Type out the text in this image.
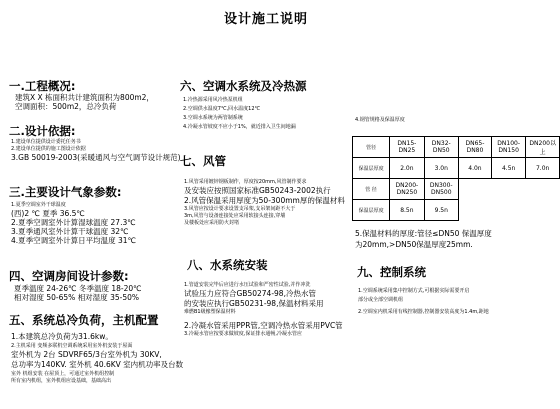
设计施工说明
一.工程概况:
建筑X X 栋面积共计建筑面积为800m2，
空调面积：500m2，总冷负荷
二.设计依据:
1.建设单位提供设计委托任务书
2.建设单位提供的施工图设计依据
3.GB 50019-2003(采暖通风与空气调节设计规范)
三.主要设计气象参数:
1.夏季空调室外干球温度
(西)2 ℃ 夏季 36.5℃
2.夏季空调室外计算湿球温度 27.3℃
3.夏季通风室外计算干球温度 32℃
4.夏季空调室外计算日平均温度 31℃
四、空调房间设计参数:
夏季温度 24-26℃ 冬季温度 18-20℃
相对湿度 50-65% 相对湿度 35-50%
五、系统总冷负荷，主机配置
1.本建筑总冷负荷为31.6kw。
2.主机采用 变频多联机空调系统采用室外机安装于屋面
室外机为 2台 SDVRF65/3台室外机为 30KV,
总功率为140KV. 室外机 40.6KV 室内机功率及台数
室外 机组安装 在屋顶上，可通过室外机组控制
所有室内机组，室外机组应设基础，基础高出
六、空调水系统及冷热源
1.冷热源采用风冷热泵机组
2.空调供水温度7℃,回水温度12℃
3.空调水系统为两管制系统
4.冷凝水管坡度不应小于1%，就近排入卫生间地漏
七、风管
1.风管采用镀锌钢板制作，厚度按20mm,风管制作要求
及安装应按照国家标准GB50243-2002执行
2.风管保温采用厚度为50-300mm厚的保温材料
3.风管应按设计要求设置支吊架,支吊架间距不大于
3m,风管与设备连接处应采用软接头连接,穿墙
及楼板处应采用防火封堵
八、水系统安装
1.管道安装完毕后应进行水压试验和严密性试验,并作冲洗
试验压力应符合GB50274-98,冷热水管
的安装应执行GB50231-98,保温材料采用
难燃B1级橡塑保温材料
2.冷凝水管采用PPR管,空调冷热水管采用PVC管
3.冷凝水管应按要求做坡度,保证排水通畅,冷凝水管应
4.钢管规格及保温厚度
管径	DN15-DN25	DN32-DN50	DN65-DN80	DN100-DN150	DN200以上
保温层厚度	2.0n	3.0n	4.0n	4.5n	7.0n
管 径	DN200-DN250	DN300-DN500			
保温层厚度	8.5n	9.5n			
5.保温材料的厚度:管径≤DN50 保温厚度
为20mm,>DN50保温厚度25mm.
九、控制系统
1.空调系统采用集中控制方式,可根据实际需要开启
部分或全部空调机组
2.空调室内机采用有线控制器,控制器安装高度为1.4m,距地
